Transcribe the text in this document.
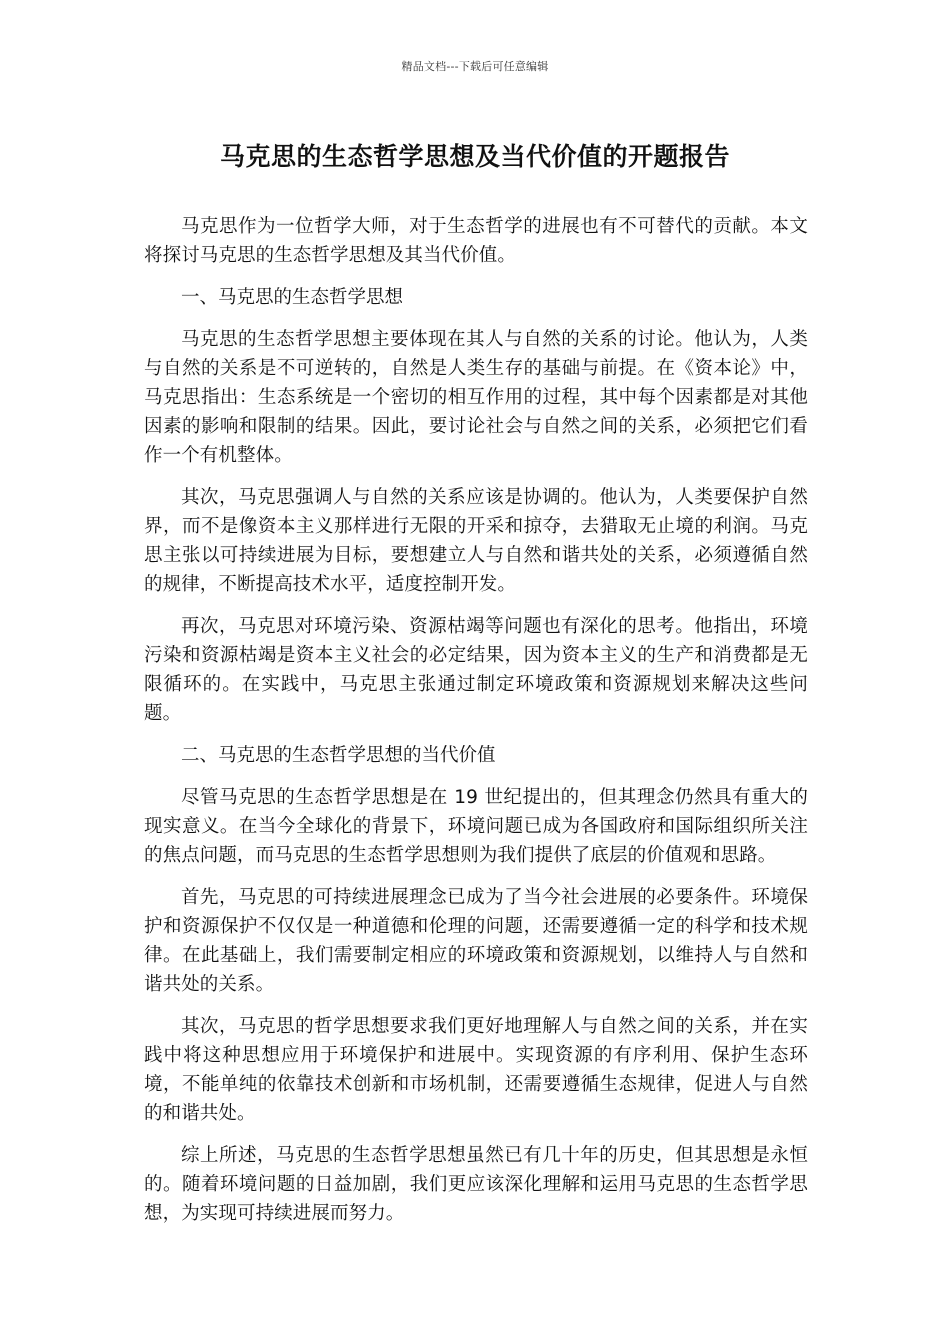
精品文档---下载后可任意编辑
马克思的生态哲学思想及当代价值的开题报告

马克思作为一位哲学大师，对于生态哲学的进展也有不可替代的贡献。本文将探讨马克思的生态哲学思想及其当代价值。

一、马克思的生态哲学思想

马克思的生态哲学思想主要体现在其人与自然的关系的讨论。他认为，人类与自然的关系是不可逆转的，自然是人类生存的基础与前提。在《资本论》中，马克思指出：生态系统是一个密切的相互作用的过程，其中每个因素都是对其他因素的影响和限制的结果。因此，要讨论社会与自然之间的关系，必须把它们看作一个有机整体。

其次，马克思强调人与自然的关系应该是协调的。他认为，人类要保护自然界，而不是像资本主义那样进行无限的开采和掠夺，去猎取无止境的利润。马克思主张以可持续进展为目标，要想建立人与自然和谐共处的关系，必须遵循自然的规律，不断提高技术水平，适度控制开发。

再次，马克思对环境污染、资源枯竭等问题也有深化的思考。他指出，环境污染和资源枯竭是资本主义社会的必定结果，因为资本主义的生产和消费都是无限循环的。在实践中，马克思主张通过制定环境政策和资源规划来解决这些问题。

二、马克思的生态哲学思想的当代价值

尽管马克思的生态哲学思想是在 19 世纪提出的，但其理念仍然具有重大的现实意义。在当今全球化的背景下，环境问题已成为各国政府和国际组织所关注的焦点问题，而马克思的生态哲学思想则为我们提供了底层的价值观和思路。

首先，马克思的可持续进展理念已成为了当今社会进展的必要条件。环境保护和资源保护不仅仅是一种道德和伦理的问题，还需要遵循一定的科学和技术规律。在此基础上，我们需要制定相应的环境政策和资源规划，以维持人与自然和谐共处的关系。

其次，马克思的哲学思想要求我们更好地理解人与自然之间的关系，并在实践中将这种思想应用于环境保护和进展中。实现资源的有序利用、保护生态环境，不能单纯的依靠技术创新和市场机制，还需要遵循生态规律，促进人与自然的和谐共处。

综上所述，马克思的生态哲学思想虽然已有几十年的历史，但其思想是永恒的。随着环境问题的日益加剧，我们更应该深化理解和运用马克思的生态哲学思想，为实现可持续进展而努力。
